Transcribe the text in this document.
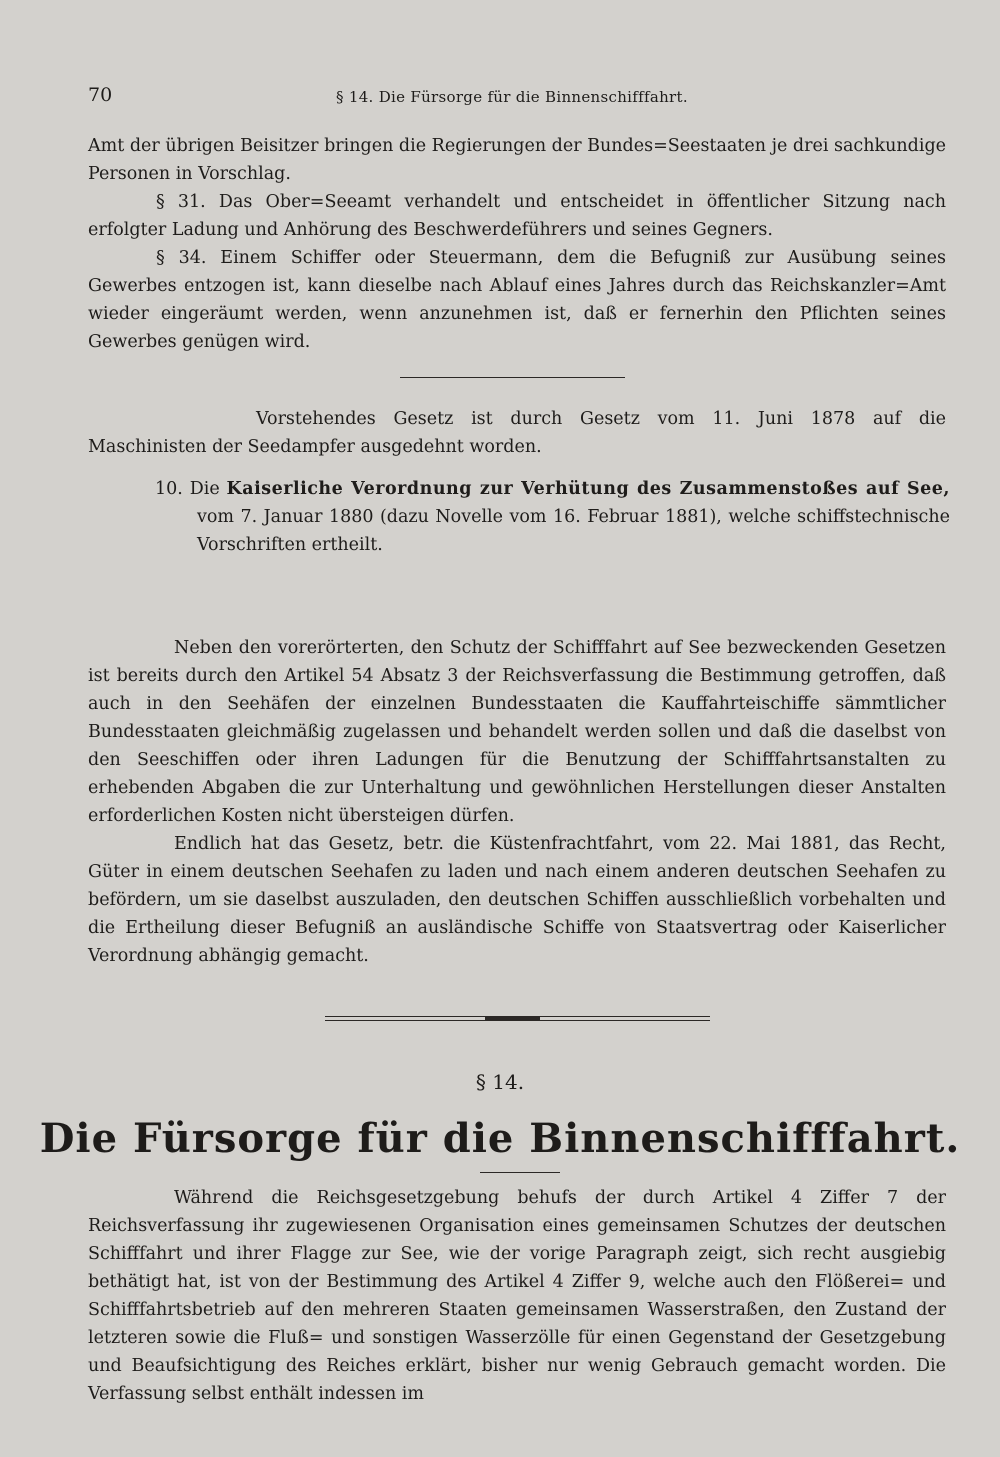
70	§ 14. Die Fürsorge für die Binnenschifffahrt.

Amt der übrigen Beisitzer bringen die Regierungen der Bundes=Seestaaten je drei sachkundige Personen in Vorschlag.

§ 31. Das Ober=Seeamt verhandelt und entscheidet in öffentlicher Sitzung nach erfolgter Ladung und Anhörung des Beschwerdeführers und seines Gegners.

§ 34. Einem Schiffer oder Steuermann, dem die Befugniß zur Ausübung seines Gewerbes entzogen ist, kann dieselbe nach Ablauf eines Jahres durch das Reichskanzler=Amt wieder eingeräumt werden, wenn anzunehmen ist, daß er fernerhin den Pflichten seines Gewerbes genügen wird.

Vorstehendes Gesetz ist durch Gesetz vom 11. Juni 1878 auf die Maschinisten der Seedampfer ausgedehnt worden.

10. Die Kaiserliche Verordnung zur Verhütung des Zusammenstoßes auf See, vom 7. Januar 1880 (dazu Novelle vom 16. Februar 1881), welche schiffstechnische Vorschriften ertheilt.

Neben den vorerörterten, den Schutz der Schifffahrt auf See bezweckenden Gesetzen ist bereits durch den Artikel 54 Absatz 3 der Reichsverfassung die Bestimmung getroffen, daß auch in den Seehäfen der einzelnen Bundesstaaten die Kauffahrteischiffe sämmtlicher Bundesstaaten gleichmäßig zugelassen und behandelt werden sollen und daß die daselbst von den Seeschiffen oder ihren Ladungen für die Benutzung der Schifffahrtsanstalten zu erhebenden Abgaben die zur Unterhaltung und gewöhnlichen Herstellungen dieser Anstalten erforderlichen Kosten nicht übersteigen dürfen.

Endlich hat das Gesetz, betr. die Küstenfrachtfahrt, vom 22. Mai 1881, das Recht, Güter in einem deutschen Seehafen zu laden und nach einem anderen deutschen Seehafen zu befördern, um sie daselbst auszuladen, den deutschen Schiffen ausschließlich vorbehalten und die Ertheilung dieser Befugniß an ausländische Schiffe von Staatsvertrag oder Kaiserlicher Verordnung abhängig gemacht.

§ 14.
Die Fürsorge für die Binnenschifffahrt.

Während die Reichsgesetzgebung behufs der durch Artikel 4 Ziffer 7 der Reichsverfassung ihr zugewiesenen Organisation eines gemeinsamen Schutzes der deutschen Schifffahrt und ihrer Flagge zur See, wie der vorige Paragraph zeigt, sich recht ausgiebig bethätigt hat, ist von der Bestimmung des Artikel 4 Ziffer 9, welche auch den Flößerei= und Schifffahrtsbetrieb auf den mehreren Staaten gemeinsamen Wasserstraßen, den Zustand der letzteren sowie die Fluß= und sonstigen Wasserzölle für einen Gegenstand der Gesetzgebung und Beaufsichtigung des Reiches erklärt, bisher nur wenig Gebrauch gemacht worden. Die Verfassung selbst enthält indessen im
